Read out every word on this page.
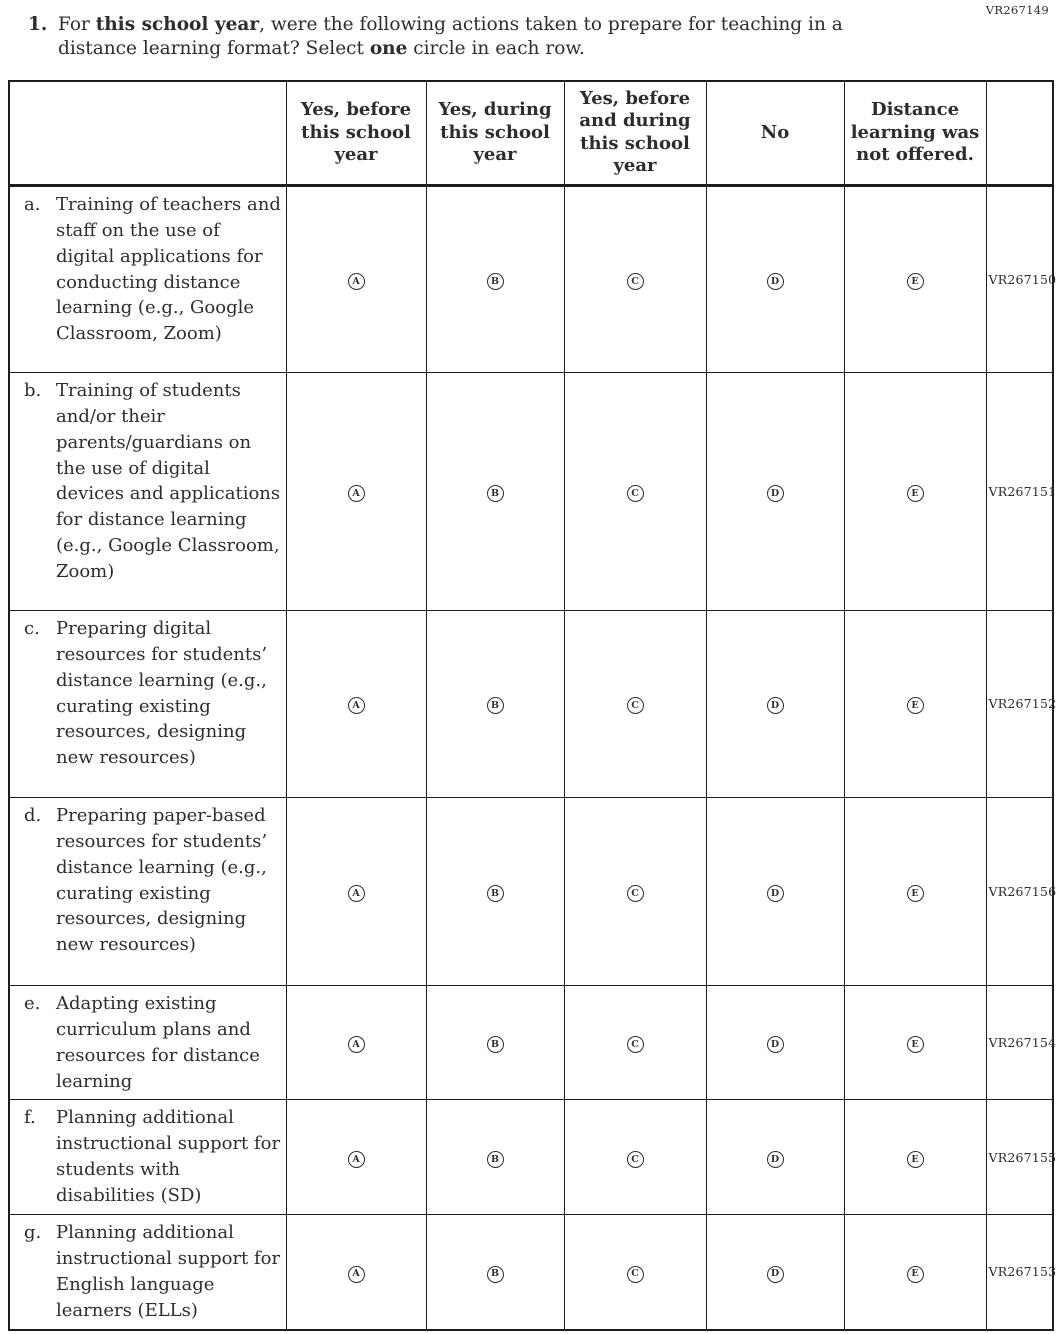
VR267149
1. For this school year, were the following actions taken to prepare for teaching in a distance learning format? Select one circle in each row.
	Yes, before this school year	Yes, during this school year	Yes, before and during this school year	No	Distance learning was not offered.	
a. Training of teachers and staff on the use of digital applications for conducting distance learning (e.g., Google Classroom, Zoom)	A	B	C	D	E	VR267150
b. Training of students and/or their parents/guardians on the use of digital devices and applications for distance learning (e.g., Google Classroom, Zoom)	A	B	C	D	E	VR267151
c. Preparing digital resources for students’ distance learning (e.g., curating existing resources, designing new resources)	A	B	C	D	E	VR267152
d. Preparing paper-based resources for students’ distance learning (e.g., curating existing resources, designing new resources)	A	B	C	D	E	VR267156
e. Adapting existing curriculum plans and resources for distance learning	A	B	C	D	E	VR267154
f. Planning additional instructional support for students with disabilities (SD)	A	B	C	D	E	VR267155
g. Planning additional instructional support for English language learners (ELLs)	A	B	C	D	E	VR267153
